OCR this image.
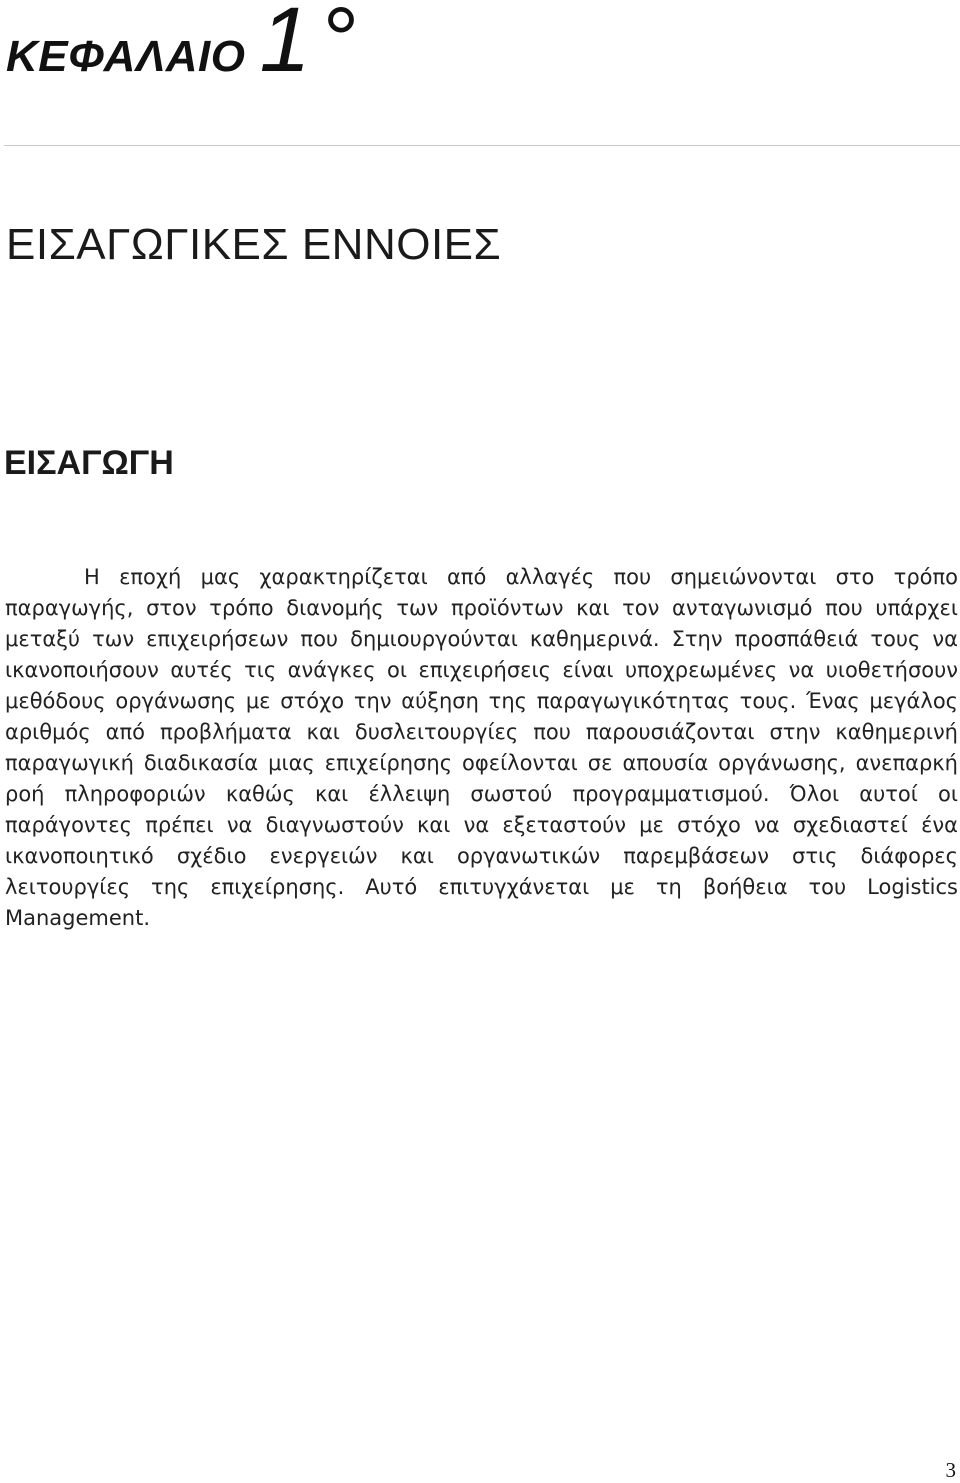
ΚΕΦΑΛΑΙΟ 1 °
ΕΙΣΑΓΩΓΙΚΕΣ ΕΝΝΟΙΕΣ
ΕΙΣΑΓΩΓΗ

Η εποχή μας χαρακτηρίζεται από αλλαγές που σημειώνονται στο τρόπο παραγωγής, στον τρόπο διανομής των προϊόντων και τον ανταγωνισμό που υπάρχει μεταξύ των επιχειρήσεων που δημιουργούνται καθημερινά. Στην προσπάθειά τους να ικανοποιήσουν αυτές τις ανάγκες οι επιχειρήσεις είναι υποχρεωμένες να υιοθετήσουν μεθόδους οργάνωσης με στόχο την αύξηση της παραγωγικότητας τους. Ένας μεγάλος αριθμός από προβλήματα και δυσλειτουργίες που παρουσιάζονται στην καθημερινή παραγωγική διαδικασία μιας επιχείρησης οφείλονται σε απουσία οργάνωσης, ανεπαρκή ροή πληροφοριών καθώς και έλλειψη σωστού προγραμματισμού. Όλοι αυτοί οι παράγοντες πρέπει να διαγνωστούν και να εξεταστούν με στόχο να σχεδιαστεί ένα ικανοποιητικό σχέδιο ενεργειών και οργανωτικών παρεμβάσεων στις διάφορες λειτουργίες της επιχείρησης. Αυτό επιτυγχάνεται με τη βοήθεια του Logistics Management.

3
